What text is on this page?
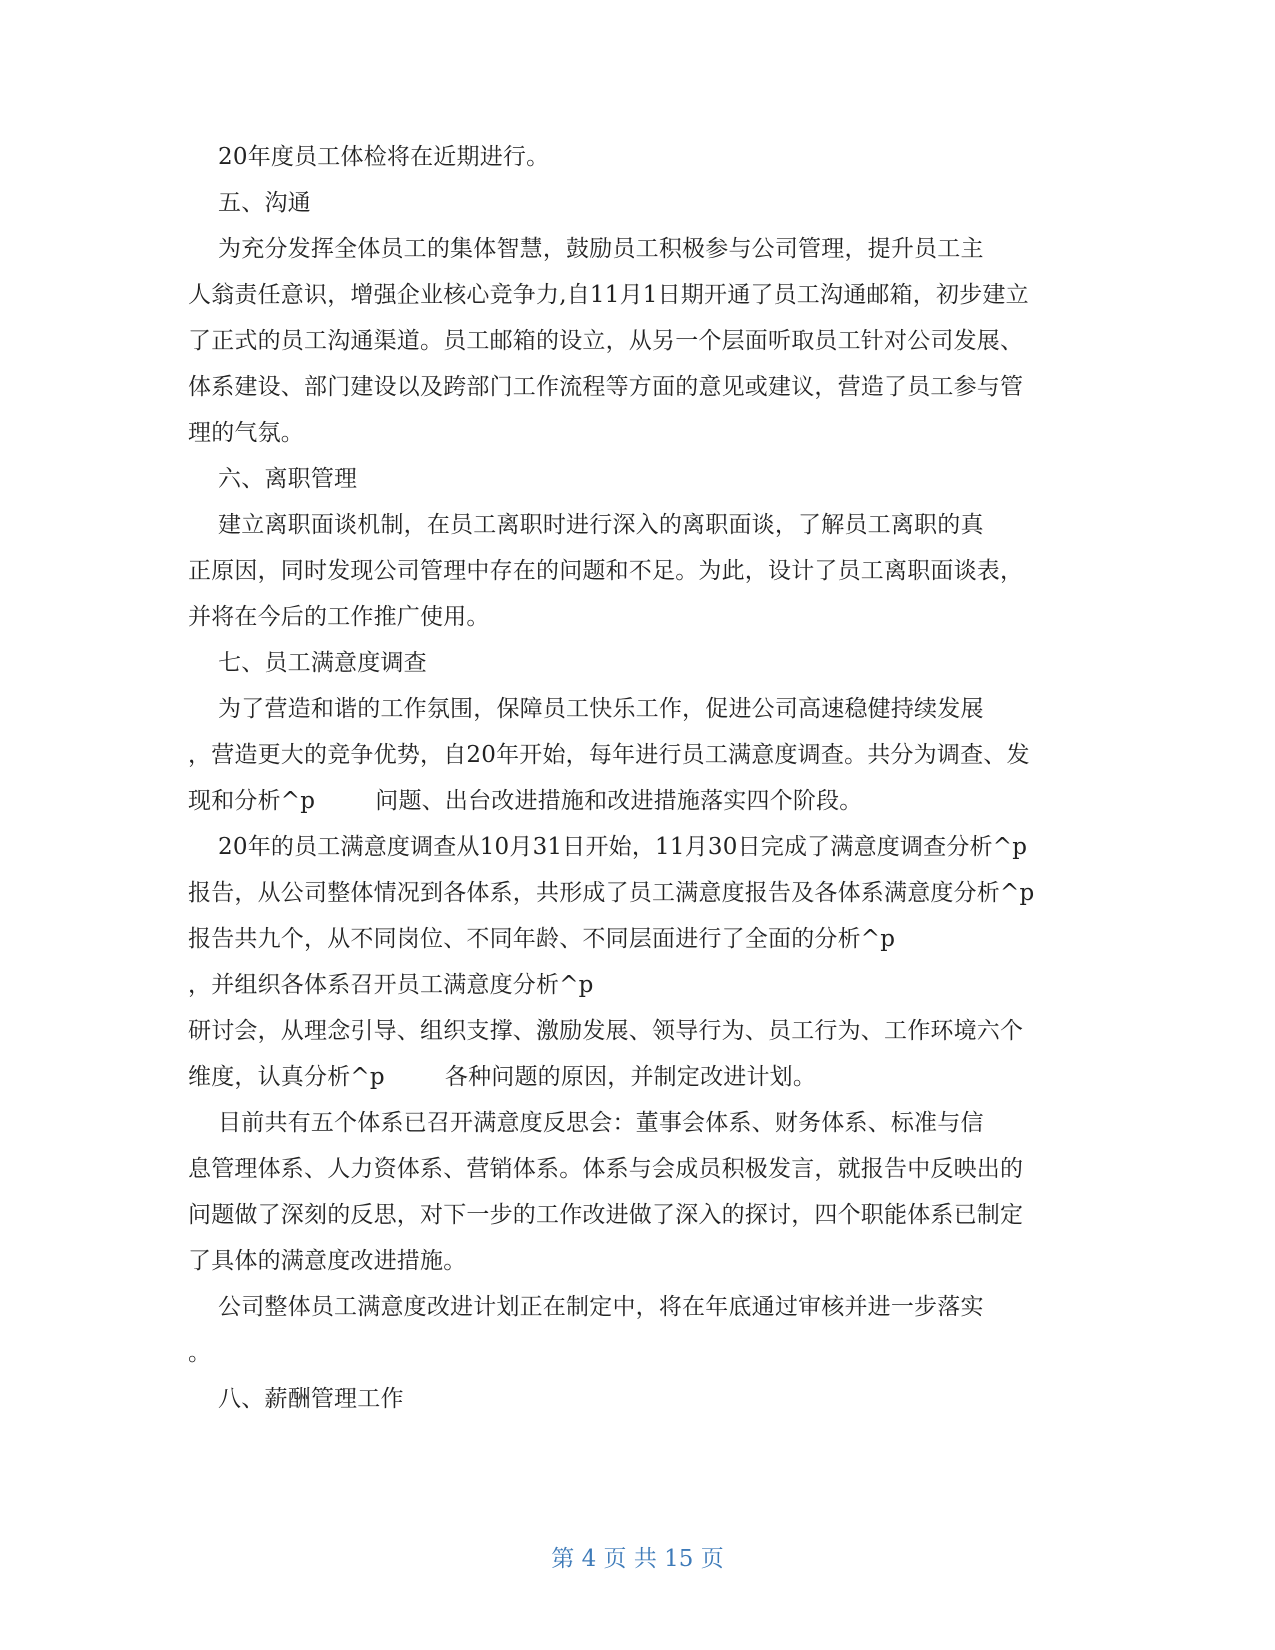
20年度员工体检将在近期进行。
五、沟通
为充分发挥全体员工的集体智慧，鼓励员工积极参与公司管理，提升员工主
人翁责任意识，增强企业核心竞争力,自11月1日期开通了员工沟通邮箱，初步建立
了正式的员工沟通渠道。员工邮箱的设立，从另一个层面听取员工针对公司发展、
体系建设、部门建设以及跨部门工作流程等方面的意见或建议，营造了员工参与管
理的气氛。
六、离职管理
建立离职面谈机制，在员工离职时进行深入的离职面谈，了解员工离职的真
正原因，同时发现公司管理中存在的问题和不足。为此，设计了员工离职面谈表，
并将在今后的工作推广使用。
七、员工满意度调查
为了营造和谐的工作氛围，保障员工快乐工作，促进公司高速稳健持续发展
，营造更大的竞争优势，自20年开始，每年进行员工满意度调查。共分为调查、发
现和分析^p        问题、出台改进措施和改进措施落实四个阶段。
20年的员工满意度调查从10月31日开始，11月30日完成了满意度调查分析^p
报告，从公司整体情况到各体系，共形成了员工满意度报告及各体系满意度分析^p
报告共九个，从不同岗位、不同年龄、不同层面进行了全面的分析^p
，并组织各体系召开员工满意度分析^p
研讨会，从理念引导、组织支撑、激励发展、领导行为、员工行为、工作环境六个
维度，认真分析^p        各种问题的原因，并制定改进计划。
目前共有五个体系已召开满意度反思会：董事会体系、财务体系、标准与信
息管理体系、人力资体系、营销体系。体系与会成员积极发言，就报告中反映出的
问题做了深刻的反思，对下一步的工作改进做了深入的探讨，四个职能体系已制定
了具体的满意度改进措施。
公司整体员工满意度改进计划正在制定中，将在年底通过审核并进一步落实
。
八、薪酬管理工作
第 4 页 共 15 页
